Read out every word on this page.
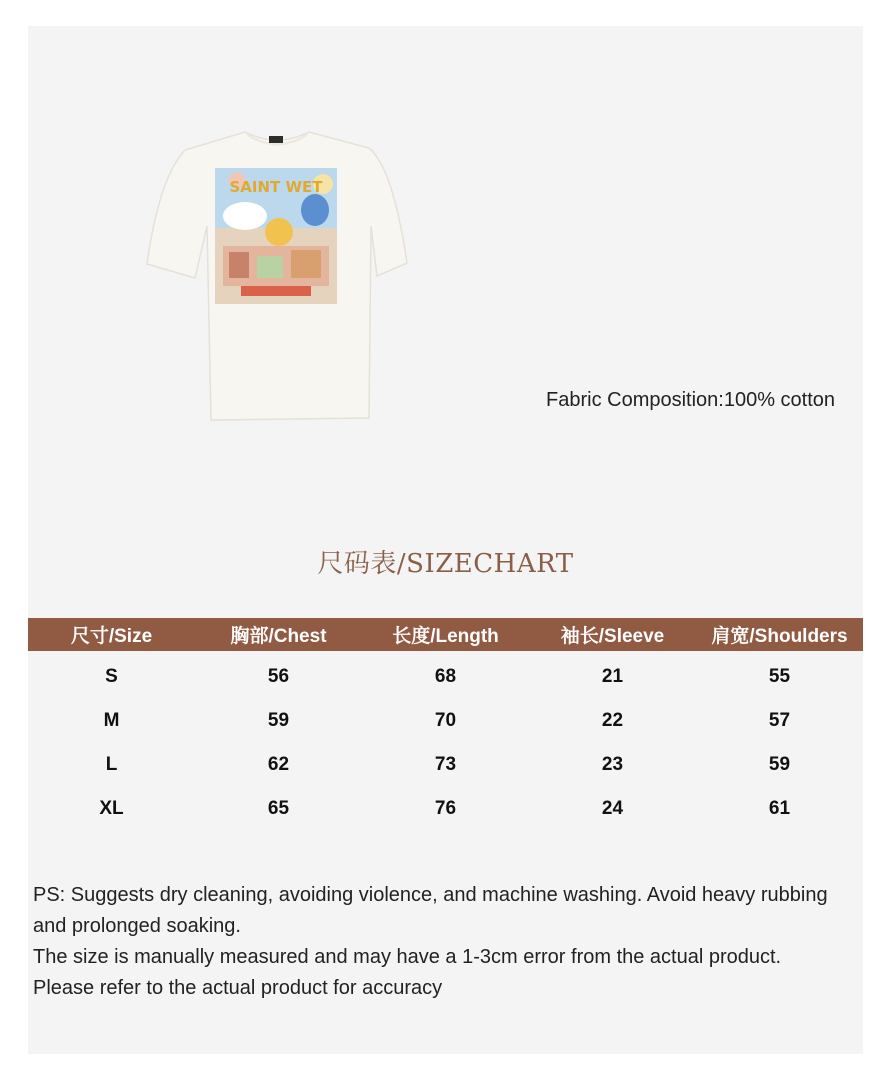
SAINT WET
Fabric Composition:100% cotton
尺码表/SIZECHART
尺寸/Size	胸部/Chest	长度/Length	袖长/Sleeve	肩宽/Shoulders
S	56	68	21	55
M	59	70	22	57
L	62	73	23	59
XL	65	76	24	61

PS: Suggests dry cleaning, avoiding violence, and machine washing. Avoid heavy rubbing and prolonged soaking.

The size is manually measured and may have a 1-3cm error from the actual product.

Please refer to the actual product for accuracy
